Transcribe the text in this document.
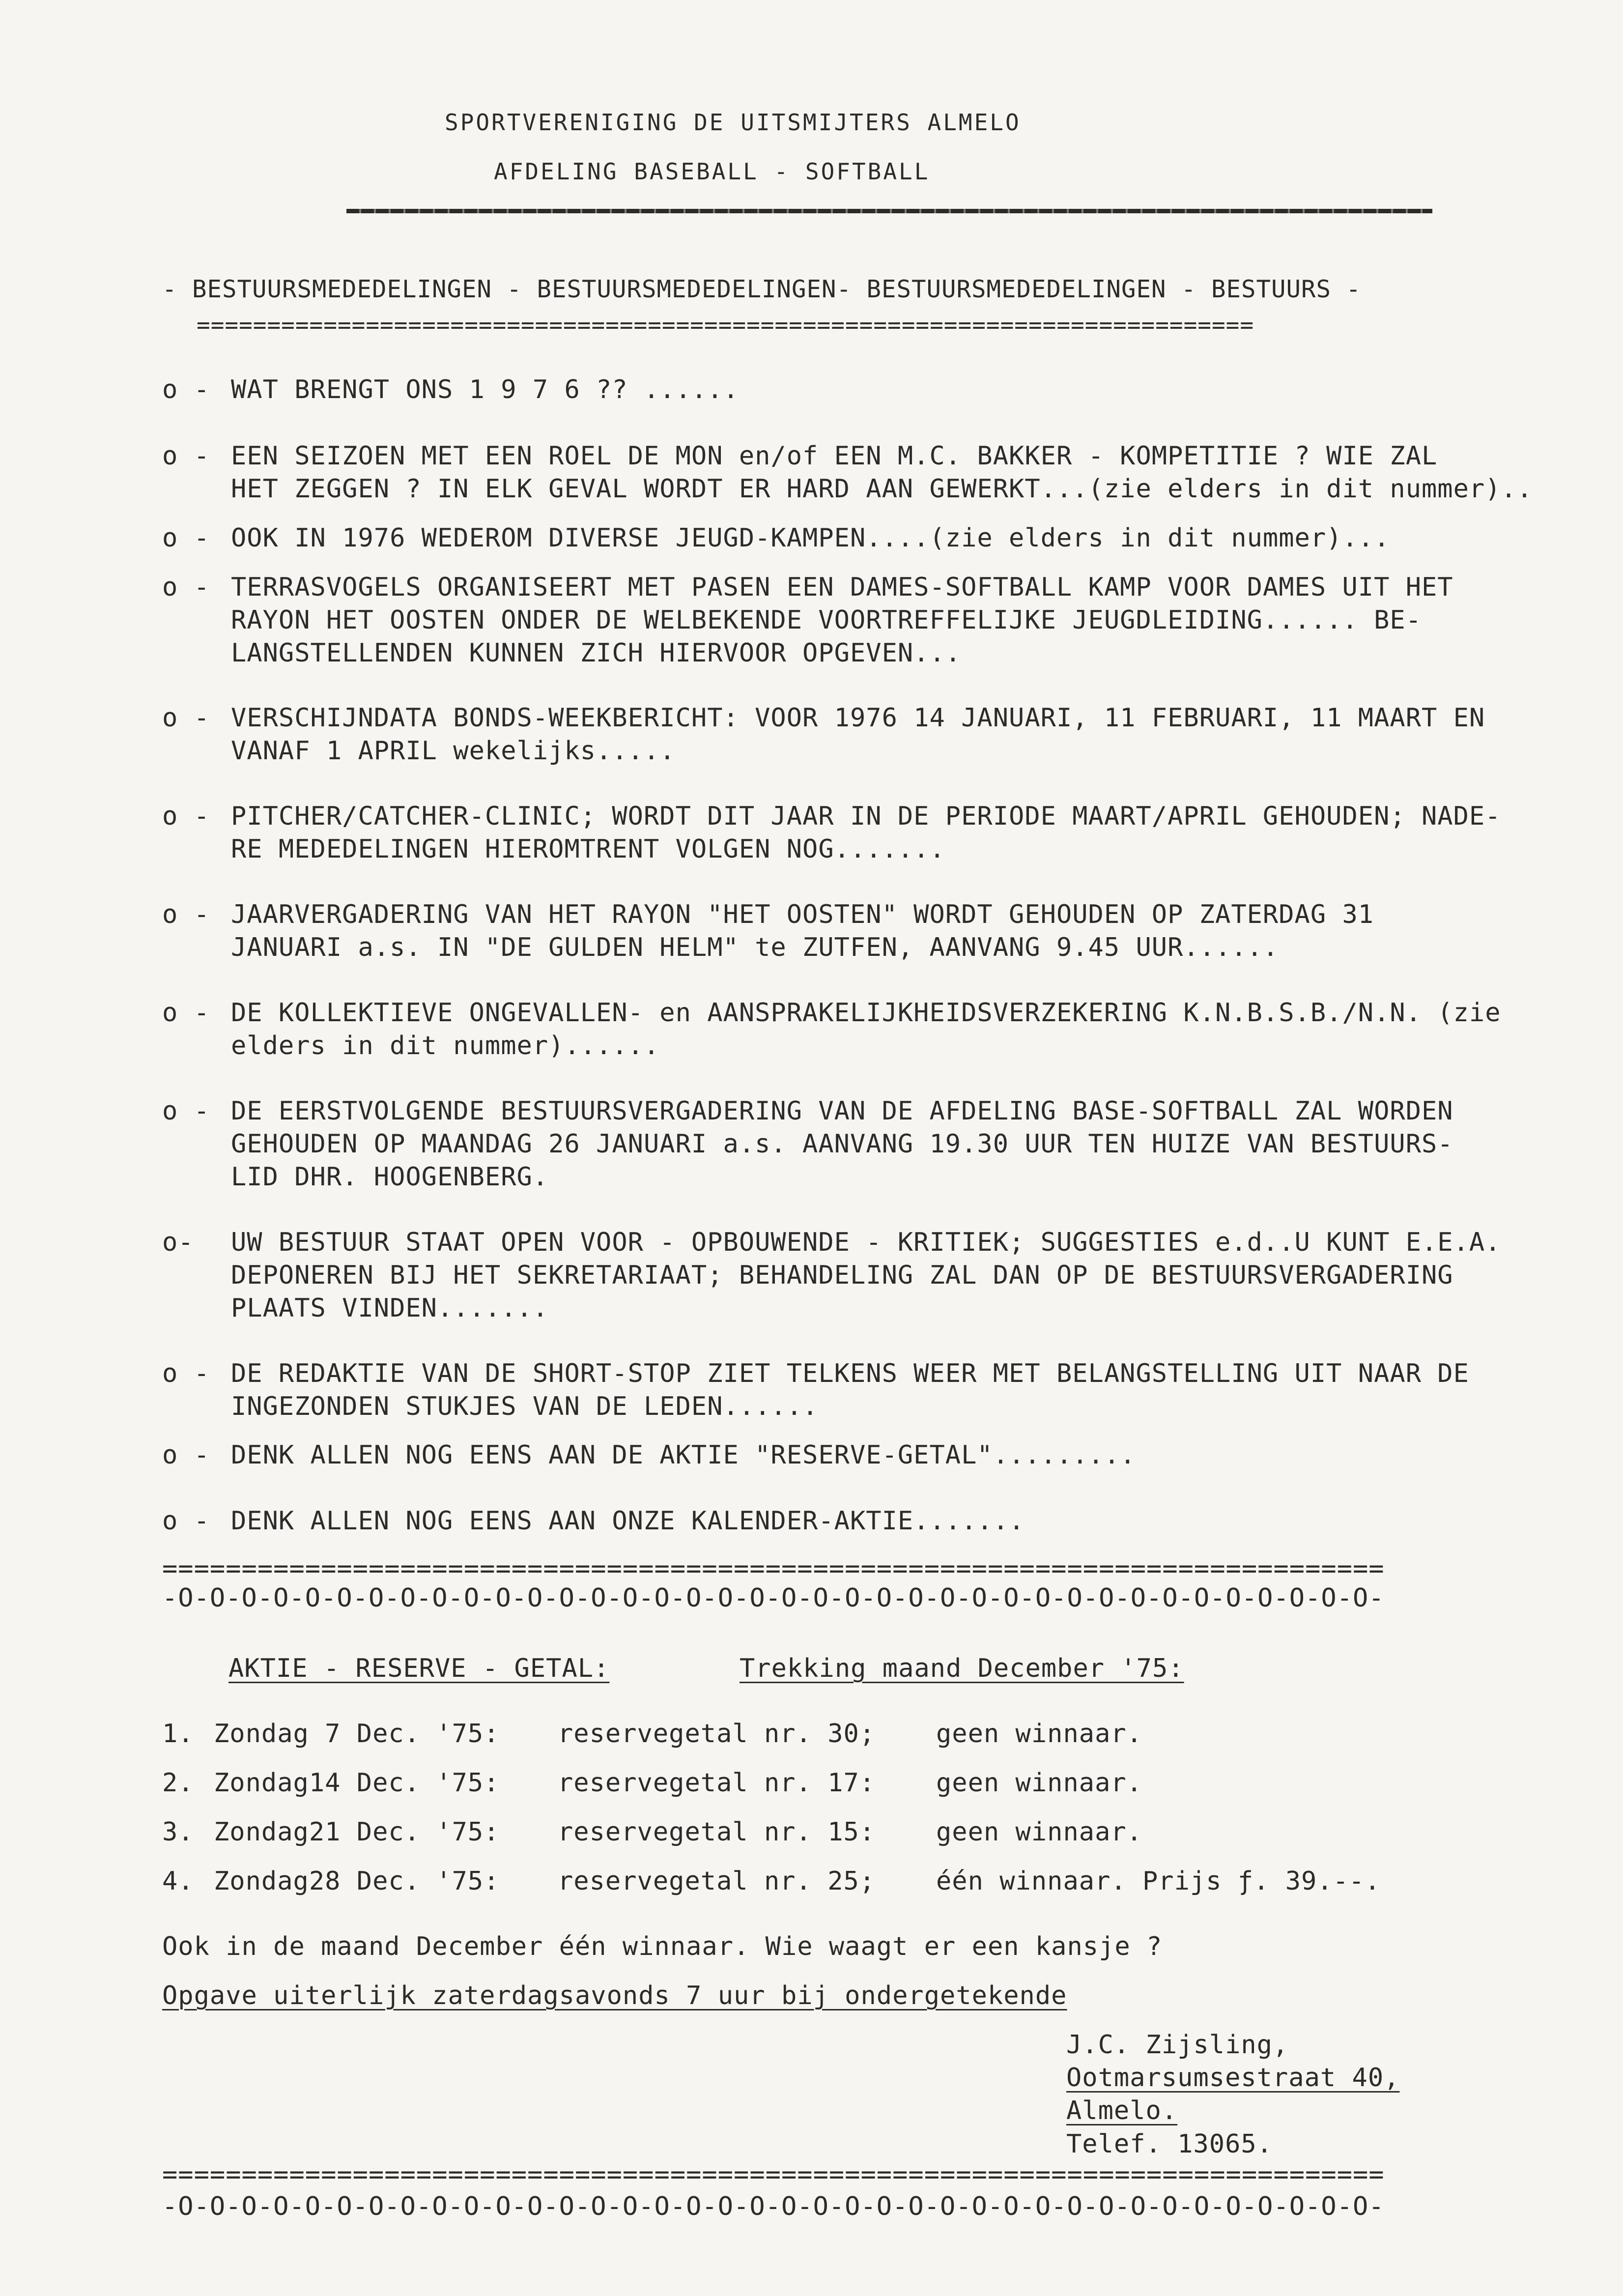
SPORTVERENIGING DE UITSMIJTERS ALMELO
AFDELING BASEBALL - SOFTBALL
- BESTUURSMEDEDELINGEN - BESTUURSMEDEDELINGEN- BESTUURSMEDEDELINGEN - BESTUURS -
===========================================================================

o -

WAT BRENGT ONS 1 9 7 6 ?? ......

o -

EEN SEIZOEN MET EEN ROEL DE MON en/of EEN M.C. BAKKER - KOMPETITIE ? WIE ZAL

HET ZEGGEN ? IN ELK GEVAL WORDT ER HARD AAN GEWERKT...(zie elders in dit nummer)..

o -

OOK IN 1976 WEDEROM DIVERSE JEUGD-KAMPEN....(zie elders in dit nummer)...

o -

TERRASVOGELS ORGANISEERT MET PASEN EEN DAMES-SOFTBALL KAMP VOOR DAMES UIT HET

RAYON HET OOSTEN ONDER DE WELBEKENDE VOORTREFFELIJKE JEUGDLEIDING...... BE-

LANGSTELLENDEN KUNNEN ZICH HIERVOOR OPGEVEN...

o -

VERSCHIJNDATA BONDS-WEEKBERICHT: VOOR 1976 14 JANUARI, 11 FEBRUARI, 11 MAART EN

VANAF 1 APRIL wekelijks.....

o -

PITCHER/CATCHER-CLINIC; WORDT DIT JAAR IN DE PERIODE MAART/APRIL GEHOUDEN; NADE-

RE MEDEDELINGEN HIEROMTRENT VOLGEN NOG.......

o -

JAARVERGADERING VAN HET RAYON "HET OOSTEN" WORDT GEHOUDEN OP ZATERDAG 31

JANUARI a.s. IN "DE GULDEN HELM" te ZUTFEN, AANVANG 9.45 UUR......

o -

DE KOLLEKTIEVE ONGEVALLEN- en AANSPRAKELIJKHEIDSVERZEKERING K.N.B.S.B./N.N. (zie

elders in dit nummer)......

o -

DE EERSTVOLGENDE BESTUURSVERGADERING VAN DE AFDELING BASE-SOFTBALL ZAL WORDEN

GEHOUDEN OP MAANDAG 26 JANUARI a.s. AANVANG 19.30 UUR TEN HUIZE VAN BESTUURS-

LID DHR. HOOGENBERG.

o-

UW BESTUUR STAAT OPEN VOOR - OPBOUWENDE - KRITIEK; SUGGESTIES e.d..U KUNT E.E.A.

DEPONEREN BIJ HET SEKRETARIAAT; BEHANDELING ZAL DAN OP DE BESTUURSVERGADERING

PLAATS VINDEN.......

o -

DE REDAKTIE VAN DE SHORT-STOP ZIET TELKENS WEER MET BELANGSTELLING UIT NAAR DE

INGEZONDEN STUKJES VAN DE LEDEN......

o -

DENK ALLEN NOG EENS AAN DE AKTIE "RESERVE-GETAL".........

o -

DENK ALLEN NOG EENS AAN ONZE KALENDER-AKTIE.......

=============================================================================
-O-O-O-O-O-O-O-O-O-O-O-O-O-O-O-O-O-O-O-O-O-O-O-O-O-O-O-O-O-O-O-O-O-O-O-O-O-O-
AKTIE - RESERVE - GETAL:	Trekking maand December '75:

1.

Zondag 7 Dec. '75:

reservegetal nr. 30;

geen winnaar.

2.

Zondag14 Dec. '75:

reservegetal nr. 17:

geen winnaar.

3.

Zondag21 Dec. '75:

reservegetal nr. 15:

geen winnaar.

4.

Zondag28 Dec. '75:

reservegetal nr. 25;

één winnaar. Prijs ƒ. 39.--.

Ook in de maand December één winnaar. Wie waagt er een kansje ?
Opgave uiterlijk zaterdagsavonds 7 uur bij ondergetekende
J.C. Zijsling,
Ootmarsumsestraat 40,
Almelo.
Telef. 13065.
=============================================================================
-O-O-O-O-O-O-O-O-O-O-O-O-O-O-O-O-O-O-O-O-O-O-O-O-O-O-O-O-O-O-O-O-O-O-O-O-O-O-
